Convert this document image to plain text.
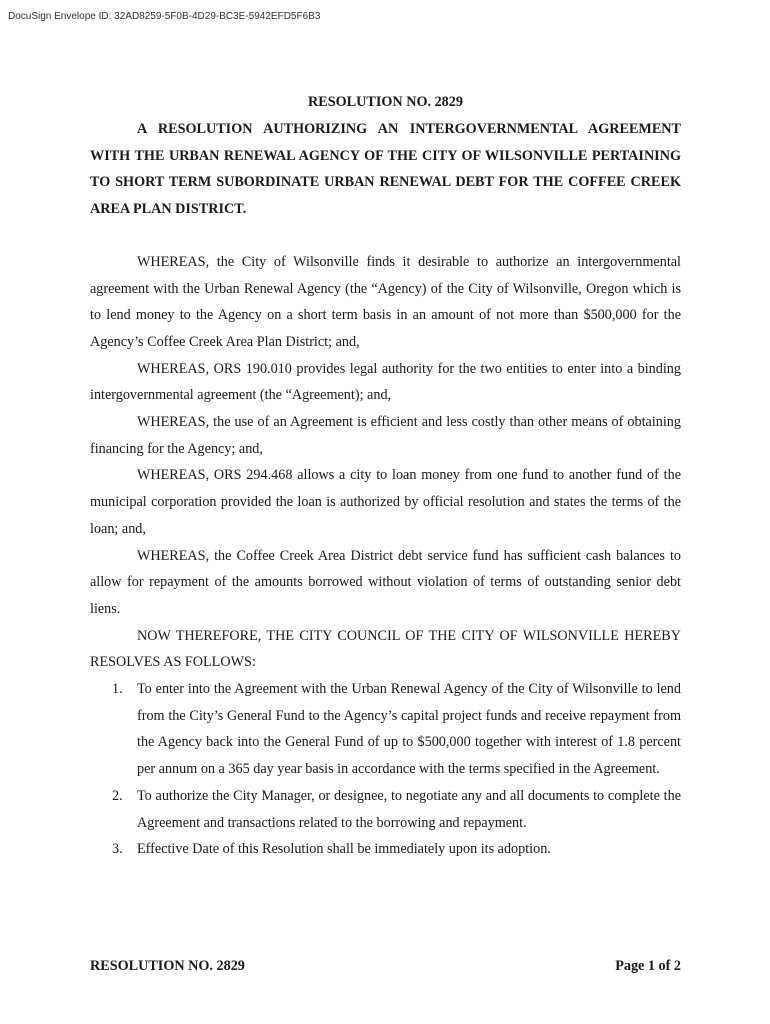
DocuSign Envelope ID: 32AD8259-5F0B-4D29-BC3E-5942EFD5F6B3

RESOLUTION NO. 2829

A RESOLUTION AUTHORIZING AN INTERGOVERNMENTAL AGREEMENT WITH THE URBAN RENEWAL AGENCY OF THE CITY OF WILSONVILLE PERTAINING TO SHORT TERM SUBORDINATE URBAN RENEWAL DEBT FOR THE COFFEE CREEK AREA PLAN DISTRICT.

WHEREAS, the City of Wilsonville finds it desirable to authorize an intergovernmental agreement with the Urban Renewal Agency (the “Agency) of the City of Wilsonville, Oregon which is to lend money to the Agency on a short term basis in an amount of not more than $500,000 for the Agency’s Coffee Creek Area Plan District; and,

WHEREAS, ORS 190.010 provides legal authority for the two entities to enter into a binding intergovernmental agreement (the “Agreement); and,

WHEREAS, the use of an Agreement is efficient and less costly than other means of obtaining financing for the Agency; and,

WHEREAS, ORS 294.468 allows a city to loan money from one fund to another fund of the municipal corporation provided the loan is authorized by official resolution and states the terms of the loan; and,

WHEREAS, the Coffee Creek Area District debt service fund has sufficient cash balances to allow for repayment of the amounts borrowed without violation of terms of outstanding senior debt liens.

NOW THEREFORE, THE CITY COUNCIL OF THE CITY OF WILSONVILLE HEREBY RESOLVES AS FOLLOWS:

1. To enter into the Agreement with the Urban Renewal Agency of the City of Wilsonville to lend from the City’s General Fund to the Agency’s capital project funds and receive repayment from the Agency back into the General Fund of up to $500,000 together with interest of 1.8 percent per annum on a 365 day year basis in accordance with the terms specified in the Agreement.
2. To authorize the City Manager, or designee, to negotiate any and all documents to complete the Agreement and transactions related to the borrowing and repayment.
3. Effective Date of this Resolution shall be immediately upon its adoption.
RESOLUTION NO. 2829	Page 1 of 2
